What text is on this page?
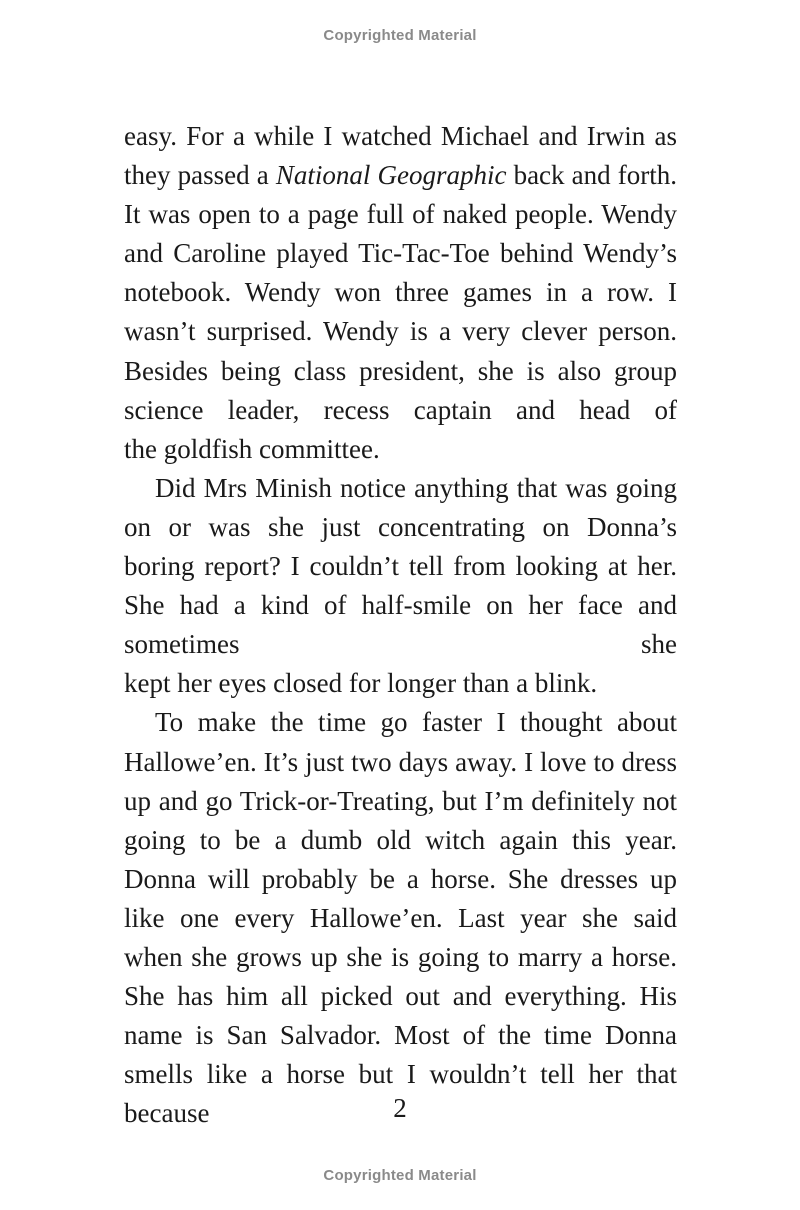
Copyrighted Material

easy. For a while I watched Michael and Irwin as they passed a National Geographic back and forth. It was open to a page full of naked people. Wendy and Caroline played Tic-Tac-Toe behind Wendy’s notebook. Wendy won three games in a row. I wasn’t surprised. Wendy is a very clever person. Besides being class president, she is also group science leader, recess captain and head of

the goldfish committee.

Did Mrs Minish notice anything that was going on or was she just concentrating on Donna’s boring report? I couldn’t tell from looking at her. She had a kind of half-smile on her face and sometimes she

kept her eyes closed for longer than a blink.

To make the time go faster I thought about Hallowe’en. It’s just two days away. I love to dress up and go Trick-or-Treating, but I’m definitely not going to be a dumb old witch again this year. Donna will probably be a horse. She dresses up like one every Hallowe’en. Last year she said when she grows up she is going to marry a horse. She has him all picked out and everything. His name is San Salvador. Most of the time Donna smells like a horse but I wouldn’t tell her that because	2
Copyrighted Material
